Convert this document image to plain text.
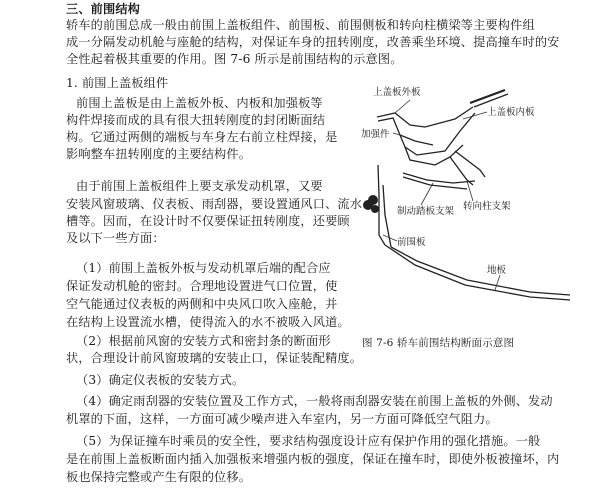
三、前围结构
轿车的前围总成一般由前围上盖板组件、前围板、前围侧板和转向柱横梁等主要构件组
成一分隔发动机舱与座舱的结构，对保证车身的扭转刚度，改善乘坐环境、提高撞车时的安
全性起着极其重要的作用。图 7-6 所示是前围结构的示意图。
1. 前围上盖板组件
前围上盖板是由上盖板外板、内板和加强板等
构件焊接而成的具有很大扭转刚度的封闭断面结
构。它通过两侧的端板与车身左右前立柱焊接，是
影响整车扭转刚度的主要结构件。
由于前围上盖板组件上要支承发动机罩，又要
安装风窗玻璃、仪表板、雨刮器，要设置通风口、流水
槽等。因而，在设计时不仅要保证扭转刚度，还要顾
及以下一些方面：
（1）前围上盖板外板与发动机罩后端的配合应
保证发动机舱的密封。合理地设置进气口位置，使
空气能通过仪表板的两侧和中央风口吹入座舱，并
在结构上设置流水槽，使得流入的水不被吸入风道。
（2）根据前风窗的安装方式和密封条的断面形
状，合理设计前风窗玻璃的安装止口，保证装配精度。
（3）确定仪表板的安装方式。
（4）确定雨刮器的安装位置及工作方式，一般将雨刮器安装在前围上盖板的外侧、发动
机罩的下面，这样，一方面可减少噪声进入车室内，另一方面可降低空气阻力。
（5）为保证撞车时乘员的安全性，要求结构强度设计应有保护作用的强化措施。一般
是在前围上盖板断面内插入加强板来增强内板的强度，保证在撞车时，即使外板被撞坏，内
板也保持完整或产生有限的位移。
上盖板外板
上盖板内板
加强件
转向柱支架
制动踏板支架
前围板
地板
图 7-6 轿车前围结构断面示意图
